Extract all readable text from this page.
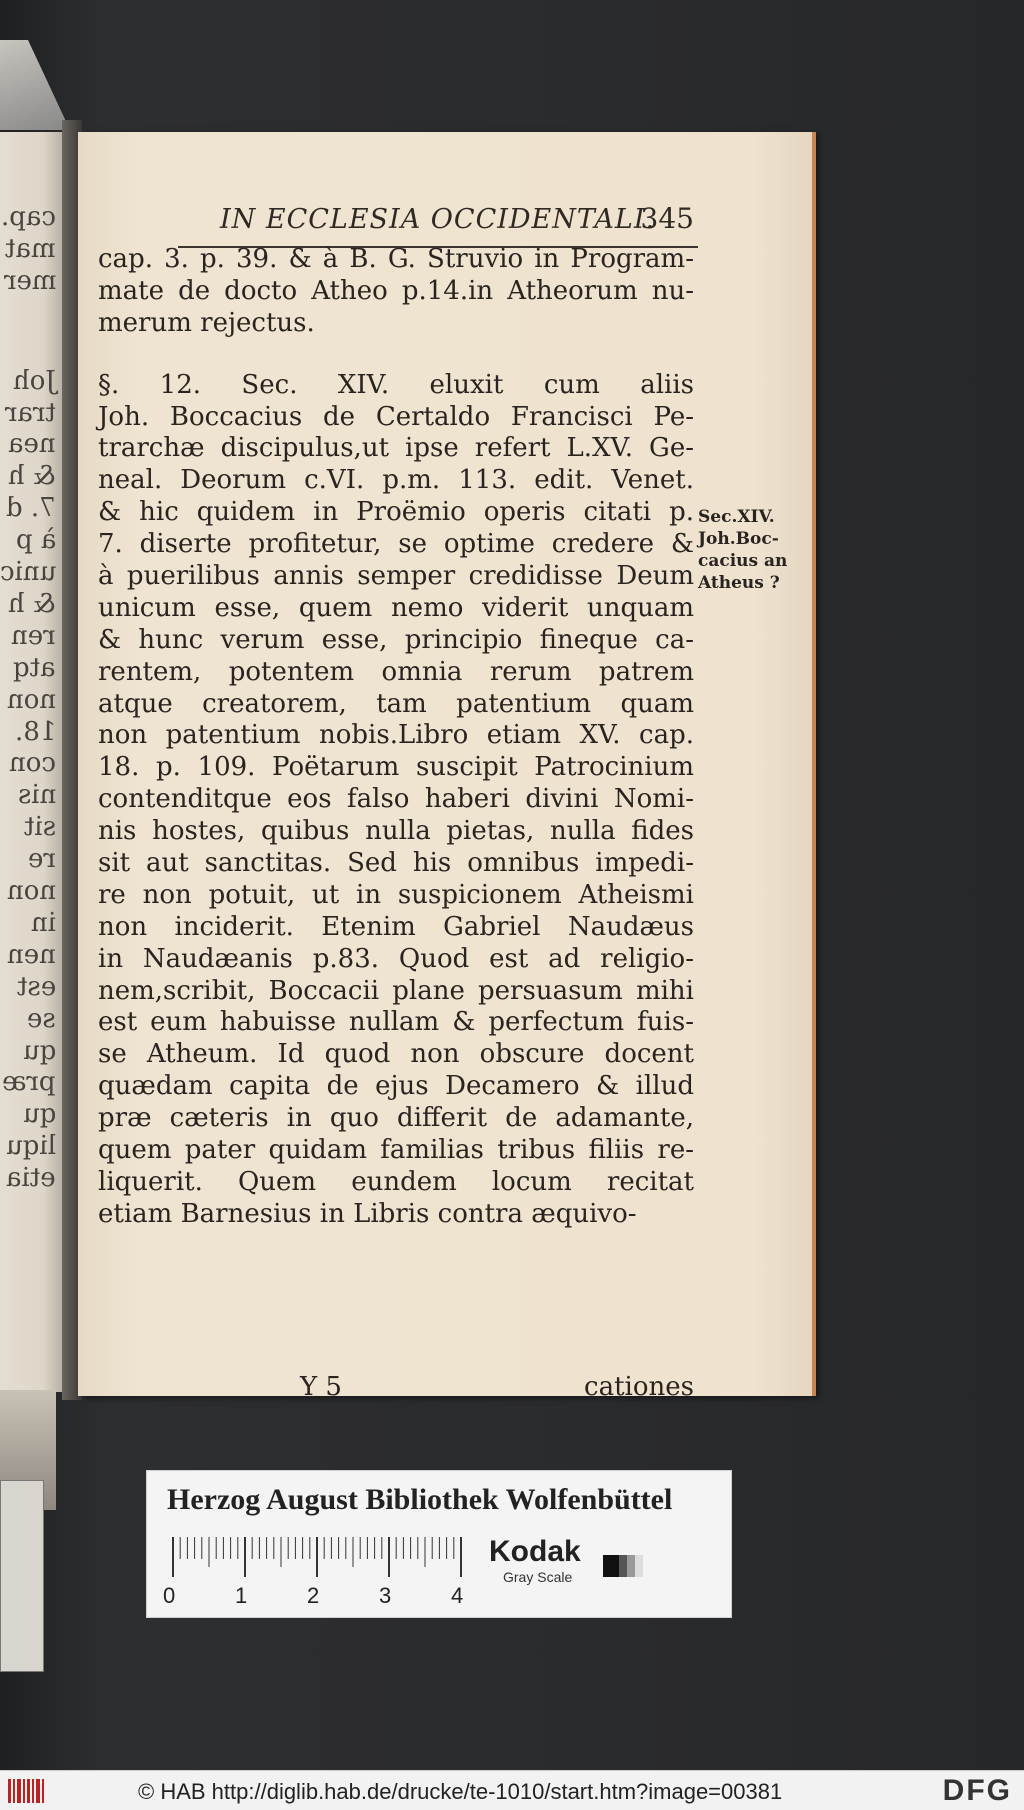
cap.
mat
mer
Joh
trar
nea
& h
7. d
à p
unic
& h
ren
atq
non
18.
con
nis
sit
re
non
in
nen
est
se
qu
præ
qu
liqu
etia
IN ECCLESIA OCCIDENTALI.
345
cap. 3. p. 39. & à B. G. Struvio in Program-
mate de docto Atheo p.14.in Atheorum nu-
merum rejectus.
§. 12. Sec. XIV. eluxit cum aliis
Joh. Boccacius de Certaldo Francisci Pe-
trarchæ discipulus,ut ipse refert L.XV. Ge-
neal. Deorum c.VI. p.m. 113. edit. Venet.
& hic quidem in Proëmio operis citati p.
7. diserte profitetur, se optime credere &
à puerilibus annis semper credidisse Deum
unicum esse, quem nemo viderit unquam
& hunc verum esse, principio fineque ca-
rentem, potentem omnia rerum patrem
atque creatorem, tam patentium quam
non patentium nobis.Libro etiam XV. cap.
18. p. 109. Poëtarum suscipit Patrocinium
contenditque eos falso haberi divini Nomi-
nis hostes, quibus nulla pietas, nulla fides
sit aut sanctitas. Sed his omnibus impedi-
re non potuit, ut in suspicionem Atheismi
non inciderit. Etenim Gabriel Naudæus
in Naudæanis p.83. Quod est ad religio-
nem,scribit, Boccacii plane persuasum mihi
est eum habuisse nullam & perfectum fuis-
se Atheum. Id quod non obscure docent
quædam capita de ejus Decamero & illud
præ cæteris in quo differit de adamante,
quem pater quidam familias tribus filiis re-
liquerit. Quem eundem locum recitat
etiam Barnesius in Libris contra æquivo-
Sec.XIV.
Joh.Boc-
cacius an
Atheus ?
Y 5	cationes
Herzog August Bibliothek Wolfenbüttel
0	1	2	3	4
Kodak
Gray Scale
© HAB http://diglib.hab.de/drucke/te-1010/start.htm?image=00381	DFG
